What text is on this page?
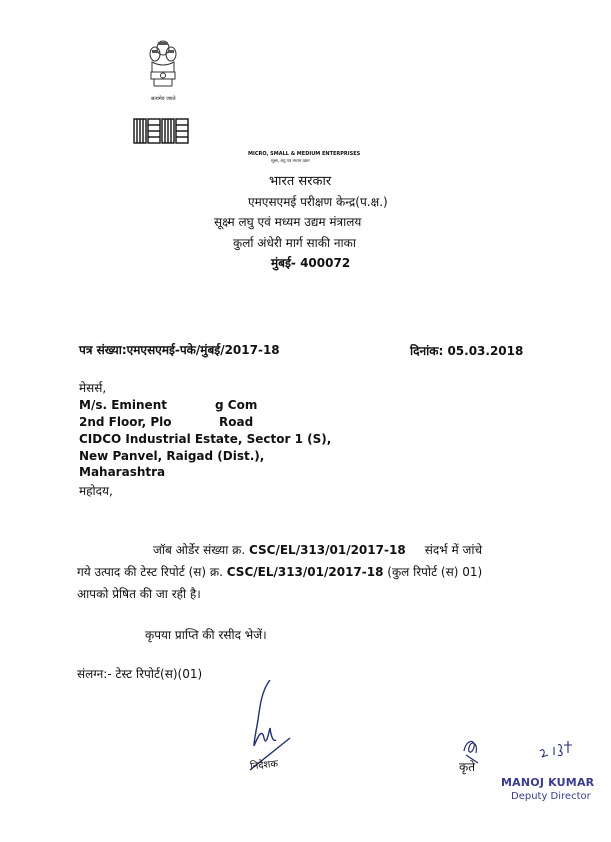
सत्यमेव जयते
MICRO, SMALL & MEDIUM ENTERPRISES
सूक्ष्म, लघु एवं मध्यम उद्यम
भारत सरकार
एमएसएमई परीक्षण केन्द्र(प.क्ष.)
सूक्ष्म लघु एवं मध्यम उद्यम मंत्रालय
कुर्ला अंधेरी मार्ग साकी नाका
मुंबई- 400072
पत्र संख्या:एमएसएमई-पके/मुंबई/2017-18	दिनांक: 05.03.2018
मेसर्स,
M/s. Eminent	g Com
2nd Floor, Plo	Road
CIDCO Industrial Estate, Sector 1 (S),
New Panvel, Raigad (Dist.),
Maharashtra
महोदय,
जॉब ओर्डेर संख्या क्र. CSC/EL/313/01/2017-18 संदर्भ में जांचे
गये उत्पाद की टेस्ट रिपोर्ट (स) क्र. CSC/EL/313/01/2017-18 (कुल रिपोर्ट (स) 01)
आपको प्रेषित की जा रही है।
कृपया प्राप्ति की रसीद भेजें।
संलग्न:- टेस्ट रिपोर्ट(स)(01)
निदेशक	कृते
MANOJ KUMAR
Deputy Director
